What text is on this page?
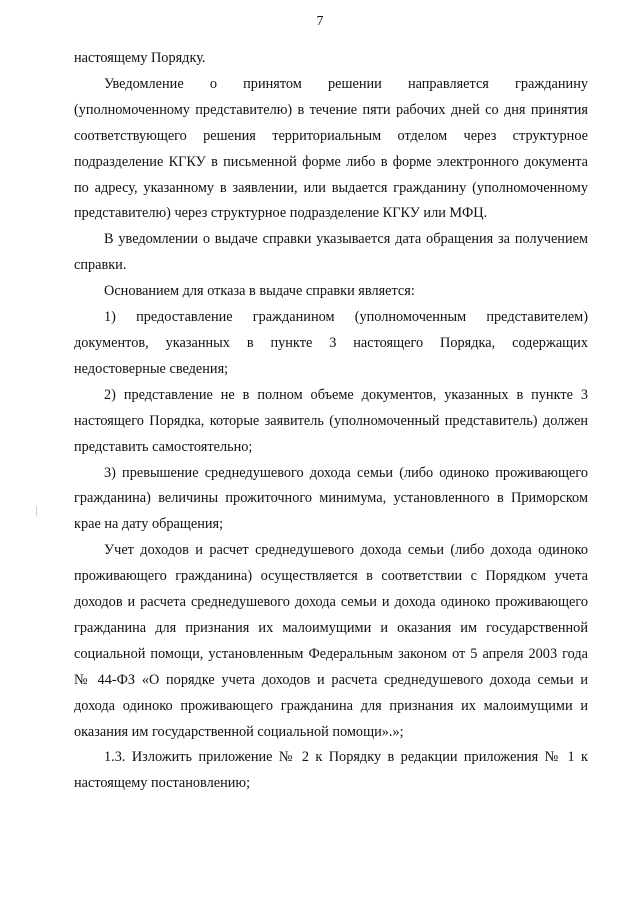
7

настоящему Порядку.

Уведомление о принятом решении направляется гражданину (уполномоченному представителю) в течение пяти рабочих дней со дня принятия соответствующего решения территориальным отделом через структурное подразделение КГКУ в письменной форме либо в форме электронного документа по адресу, указанному в заявлении, или выдается гражданину (уполномоченному представителю) через структурное подразделение КГКУ или МФЦ.

В уведомлении о выдаче справки указывается дата обращения за получением справки.

Основанием для отказа в выдаче справки является:

1) предоставление гражданином (уполномоченным представителем) документов, указанных в пункте 3 настоящего Порядка, содержащих недостоверные сведения;

2) представление не в полном объеме документов, указанных в пункте 3 настоящего Порядка, которые заявитель (уполномоченный представитель) должен представить самостоятельно;

3) превышение среднедушевого дохода семьи (либо одиноко проживающего гражданина) величины прожиточного минимума, установленного в Приморском крае на дату обращения;

Учет доходов и расчет среднедушевого дохода семьи (либо дохода одиноко проживающего гражданина) осуществляется в соответствии с Порядком учета доходов и расчета среднедушевого дохода семьи и дохода одиноко проживающего гражданина для признания их малоимущими и оказания им государственной социальной помощи, установленным Федеральным законом от 5 апреля 2003 года № 44-ФЗ «О порядке учета доходов и расчета среднедушевого дохода семьи и дохода одиноко проживающего гражданина для признания их малоимущими и оказания им государственной социальной помощи».»;

1.3. Изложить приложение № 2 к Порядку в редакции приложения № 1 к настоящему постановлению;
